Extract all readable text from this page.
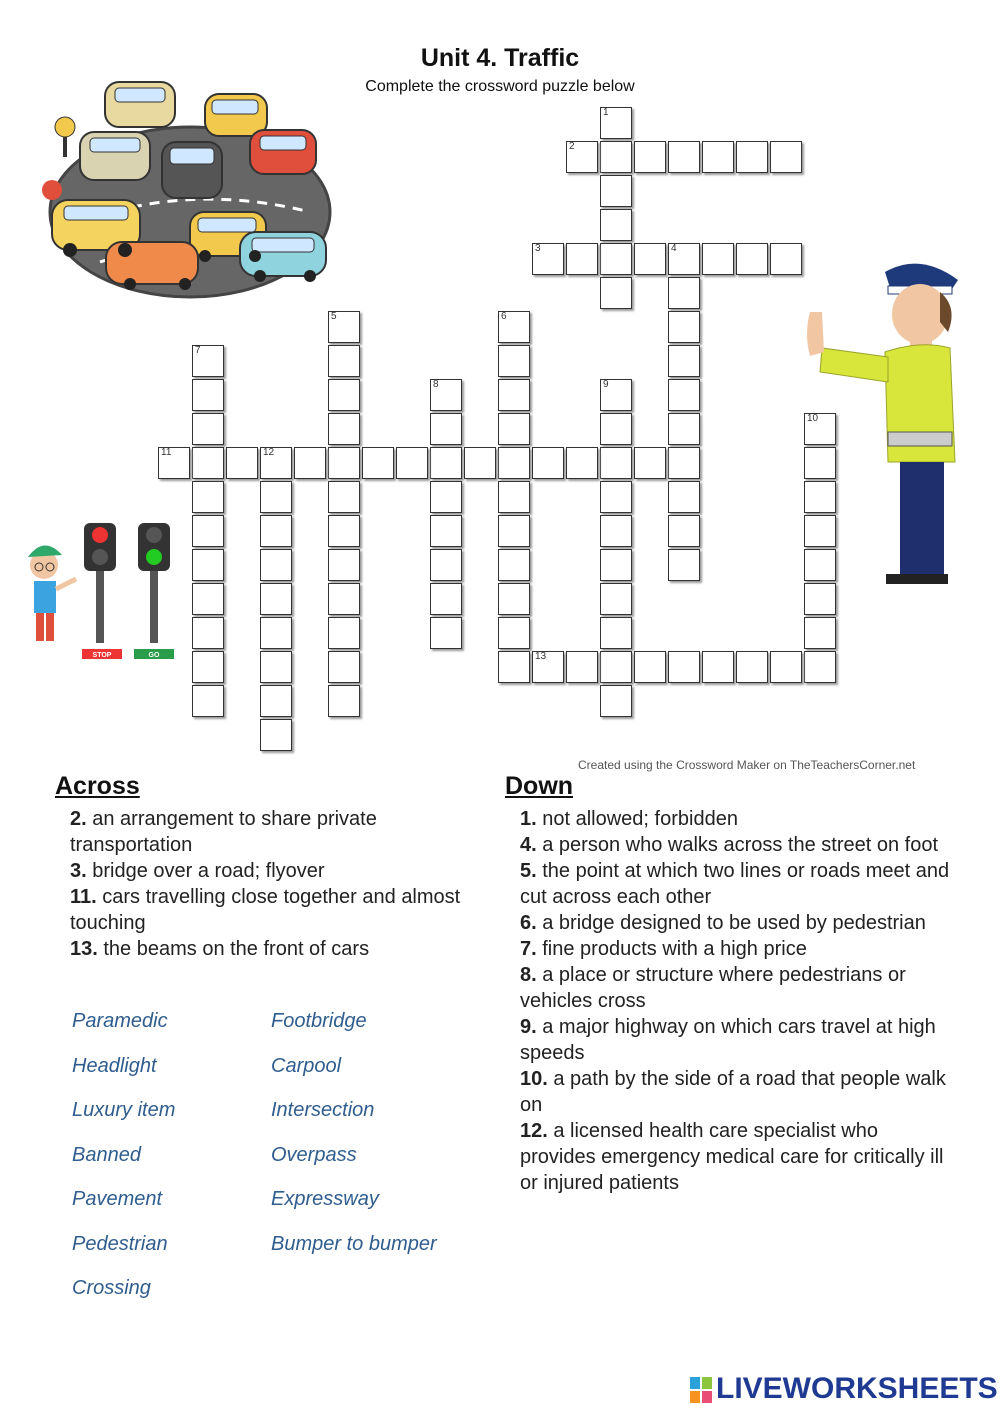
Unit 4. Traffic
Complete the crossword puzzle below
1
2
3	4
5	6
7
8	9
10
11	12
13
STOP	GO
Created using the Crossword Maker on TheTeachersCorner.net
Across
2. an arrangement to share private transportation
3. bridge over a road; flyover
11. cars travelling close together and almost touching
13. the beams on the front of cars
Down
1. not allowed; forbidden
4. a person who walks across the street on foot
5. the point at which two lines or roads meet and cut across each other
6. a bridge designed to be used by pedestrian
7. fine products with a high price
8. a place or structure where pedestrians or vehicles cross
9. a major highway on which cars travel at high speeds
10. a path by the side of a road that people walk on
12. a licensed health care specialist who provides emergency medical care for critically ill or injured patients
Paramedic	Footbridge
Headlight	Carpool
Luxury item	Intersection
Banned	Overpass
Pavement	Expressway
Pedestrian	Bumper to bumper
Crossing
LIVEWORKSHEETS
